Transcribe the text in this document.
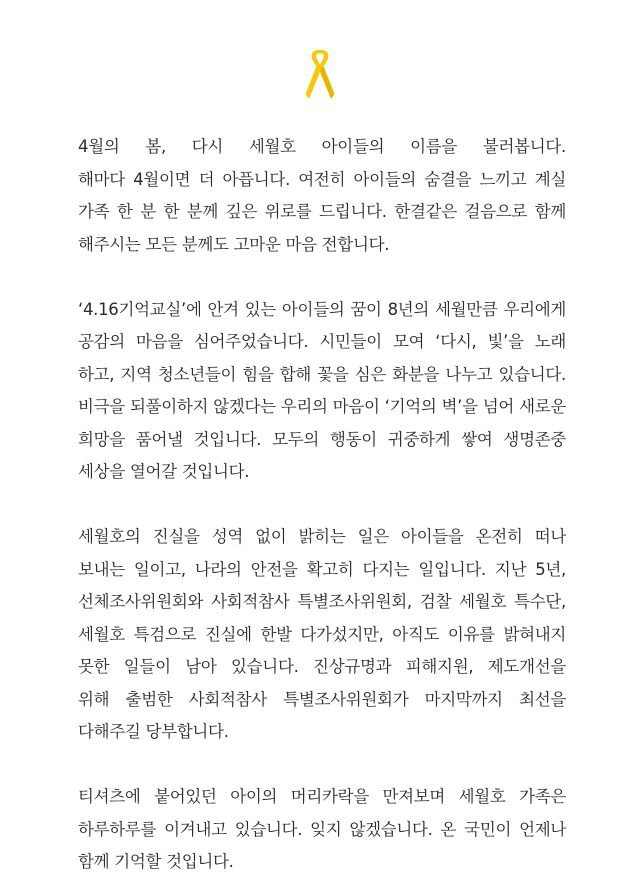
4월의 봄, 다시 세월호 아이들의 이름을 불러봅니다.
해마다 4월이면 더 아픕니다. 여전히 아이들의 숨결을 느끼고 계실
가족 한 분 한 분께 깊은 위로를 드립니다. 한결같은 걸음으로 함께
해주시는 모든 분께도 고마운 마음 전합니다.
‘4.16기억교실’에 안겨 있는 아이들의 꿈이 8년의 세월만큼 우리에게
공감의 마음을 심어주었습니다. 시민들이 모여 ‘다시, 빛’을 노래
하고, 지역 청소년들이 힘을 합해 꽃을 심은 화분을 나누고 있습니다.
비극을 되풀이하지 않겠다는 우리의 마음이 ‘기억의 벽’을 넘어 새로운
희망을 품어낼 것입니다. 모두의 행동이 귀중하게 쌓여 생명존중
세상을 열어갈 것입니다.
세월호의 진실을 성역 없이 밝히는 일은 아이들을 온전히 떠나
보내는 일이고, 나라의 안전을 확고히 다지는 일입니다. 지난 5년,
선체조사위원회와 사회적참사 특별조사위원회, 검찰 세월호 특수단,
세월호 특검으로 진실에 한발 다가섰지만, 아직도 이유를 밝혀내지
못한 일들이 남아 있습니다. 진상규명과 피해지원, 제도개선을
위해 출범한 사회적참사 특별조사위원회가 마지막까지 최선을
다해주길 당부합니다.
티셔츠에 붙어있던 아이의 머리카락을 만져보며 세월호 가족은
하루하루를 이겨내고 있습니다. 잊지 않겠습니다. 온 국민이 언제나
함께 기억할 것입니다.
